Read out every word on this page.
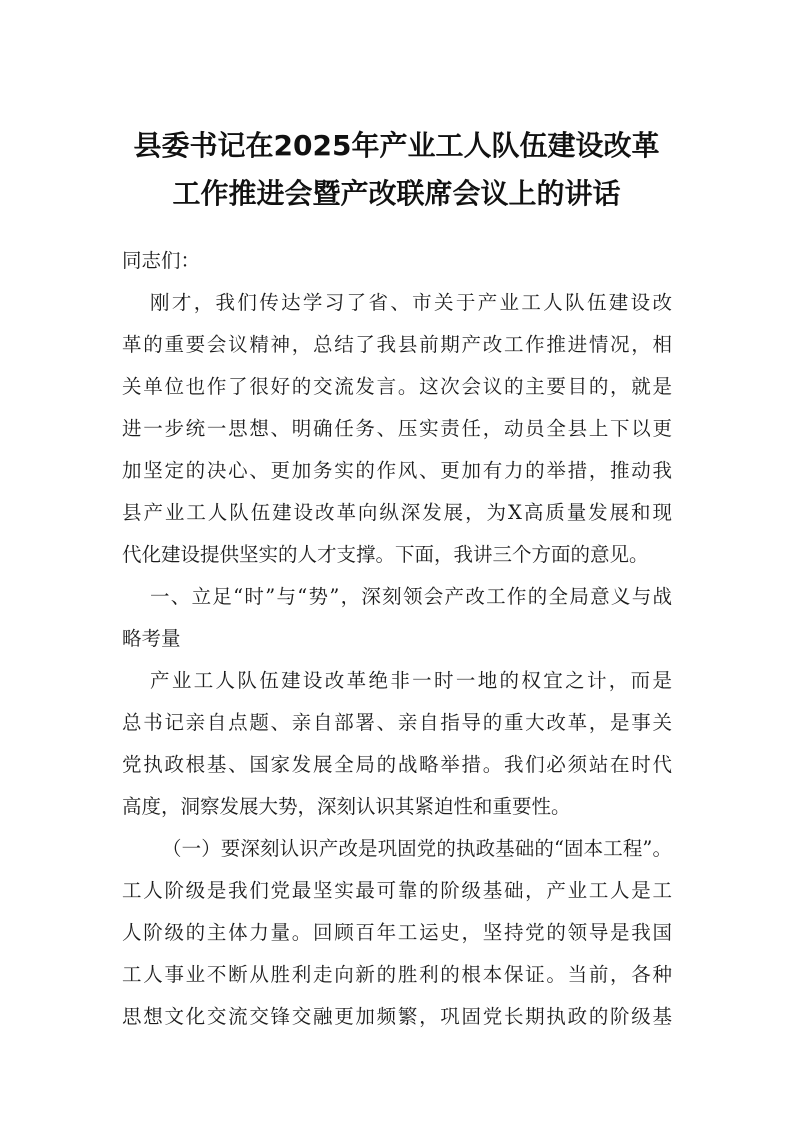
县委书记在2025年产业工人队伍建设改革
工作推进会暨产改联席会议上的讲话
同志们：
刚才，我们传达学习了省、市关于产业工人队伍建设改
革的重要会议精神，总结了我县前期产改工作推进情况，相
关单位也作了很好的交流发言。这次会议的主要目的，就是
进一步统一思想、明确任务、压实责任，动员全县上下以更
加坚定的决心、更加务实的作风、更加有力的举措，推动我
县产业工人队伍建设改革向纵深发展，为X高质量发展和现
代化建设提供坚实的人才支撑。下面，我讲三个方面的意见。
一、立足“时”与“势”，深刻领会产改工作的全局意义与战
略考量
产业工人队伍建设改革绝非一时一地的权宜之计，而是
总书记亲自点题、亲自部署、亲自指导的重大改革，是事关
党执政根基、国家发展全局的战略举措。我们必须站在时代
高度，洞察发展大势，深刻认识其紧迫性和重要性。
（一）要深刻认识产改是巩固党的执政基础的“固本工程”。
工人阶级是我们党最坚实最可靠的阶级基础，产业工人是工
人阶级的主体力量。回顾百年工运史，坚持党的领导是我国
工人事业不断从胜利走向新的胜利的根本保证。当前，各种
思想文化交流交锋交融更加频繁，巩固党长期执政的阶级基
